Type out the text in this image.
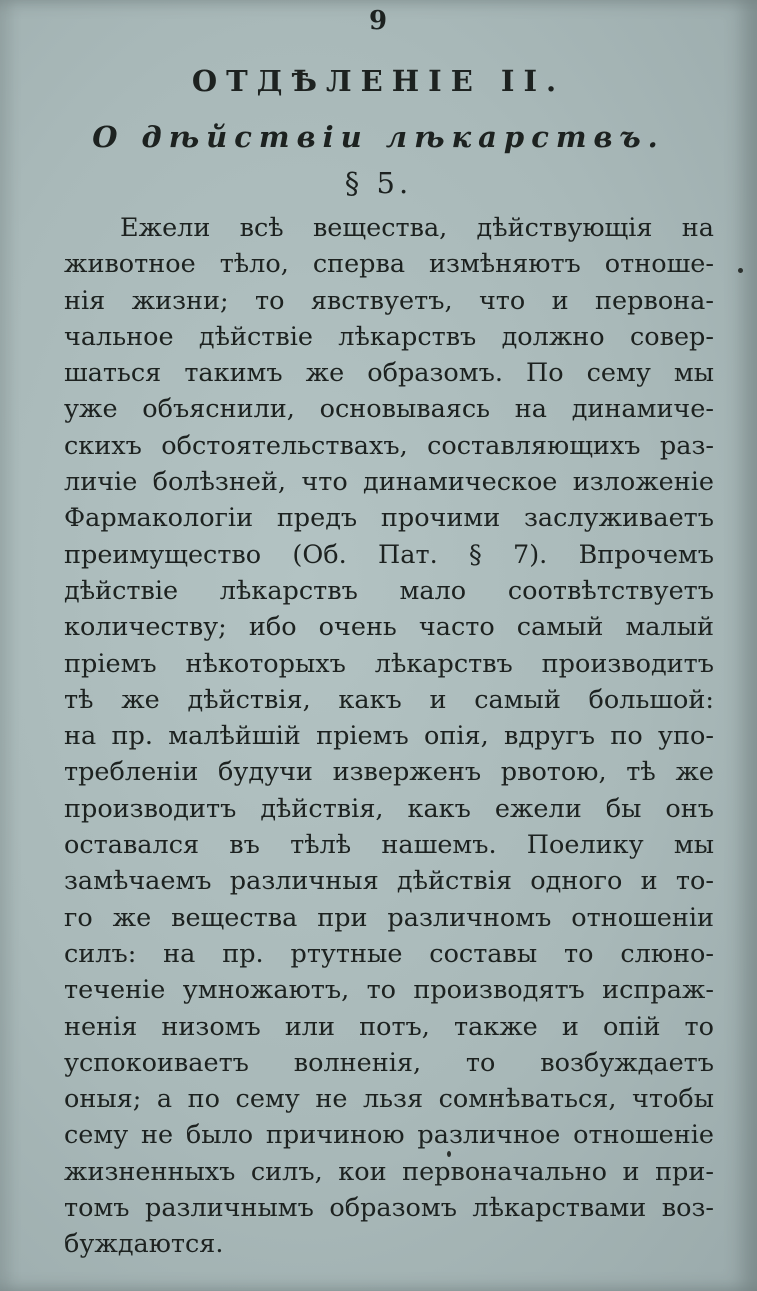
9
ОТДѢЛЕНІЕ II.
О дѣйствіи лѣкарствъ.
§ 5.
Ежели всѣ вещества, дѣйствующія на
животное тѣло, сперва измѣняютъ отноше-
нія жизни; то явствуетъ, что и первона-
чальное дѣйствіе лѣкарствъ должно совер-
шаться такимъ же образомъ. По сему мы
уже объяснили, основываясь на динамиче-
скихъ обстоятельствахъ, составляющихъ раз-
личіе болѣзней, что динамическое изложеніе
Фармакологіи предъ прочими заслуживаетъ
преимущество (Об. Пат. § 7). Впрочемъ
дѣйствіе лѣкарствъ мало соотвѣтствуетъ
количеству; ибо очень часто самый малый
пріемъ нѣкоторыхъ лѣкарствъ производитъ
тѣ же дѣйствія, какъ и самый большой:
на пр. малѣйшій пріемъ опія, вдругъ по упо-
требленіи будучи изверженъ рвотою, тѣ же
производитъ дѣйствія, какъ ежели бы онъ
оставался въ тѣлѣ нашемъ. Поелику мы
замѣчаемъ различныя дѣйствія одного и то-
го же вещества при различномъ отношеніи
силъ: на пр. ртутные составы то слюно-
теченіе умножаютъ, то производятъ испраж-
ненія низомъ или потъ, также и опій то
успокоиваетъ волненія, то возбуждаетъ
оныя; а по сему не льзя сомнѣваться, чтобы
сему не было причиною различное отношеніе
жизненныхъ силъ, кои первоначально и при-
томъ различнымъ образомъ лѣкарствами воз-
буждаются.
